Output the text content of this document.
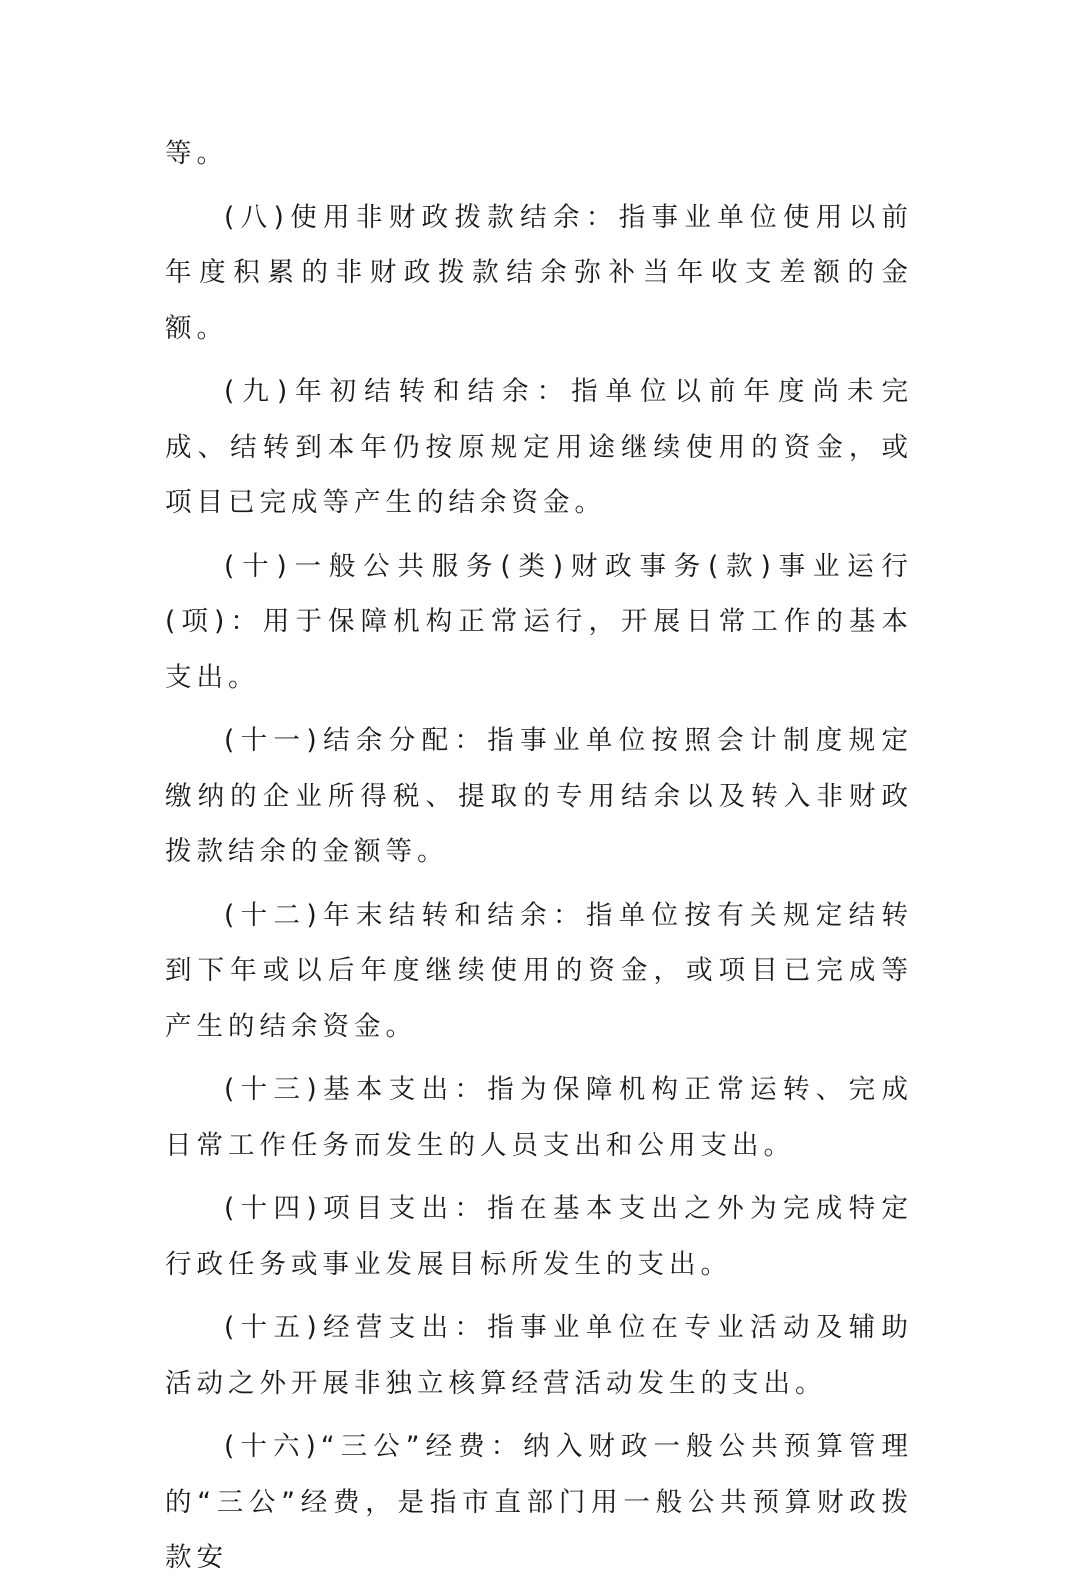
等。

(八)使用非财政拨款结余：指事业单位使用以前年度积累的非财政拨款结余弥补当年收支差额的金额。

(九)年初结转和结余：指单位以前年度尚未完成、结转到本年仍按原规定用途继续使用的资金，或项目已完成等产生的结余资金。

(十)一般公共服务(类)财政事务(款)事业运行(项)：用于保障机构正常运行，开展日常工作的基本支出。

(十一)结余分配：指事业单位按照会计制度规定缴纳的企业所得税、提取的专用结余以及转入非财政拨款结余的金额等。

(十二)年末结转和结余：指单位按有关规定结转到下年或以后年度继续使用的资金，或项目已完成等产生的结余资金。

(十三)基本支出：指为保障机构正常运转、完成日常工作任务而发生的人员支出和公用支出。

(十四)项目支出：指在基本支出之外为完成特定行政任务或事业发展目标所发生的支出。

(十五)经营支出：指事业单位在专业活动及辅助活动之外开展非独立核算经营活动发生的支出。

(十六)“三公”经费：纳入财政一般公共预算管理的“三公”经费，是指市直部门用一般公共预算财政拨款安
